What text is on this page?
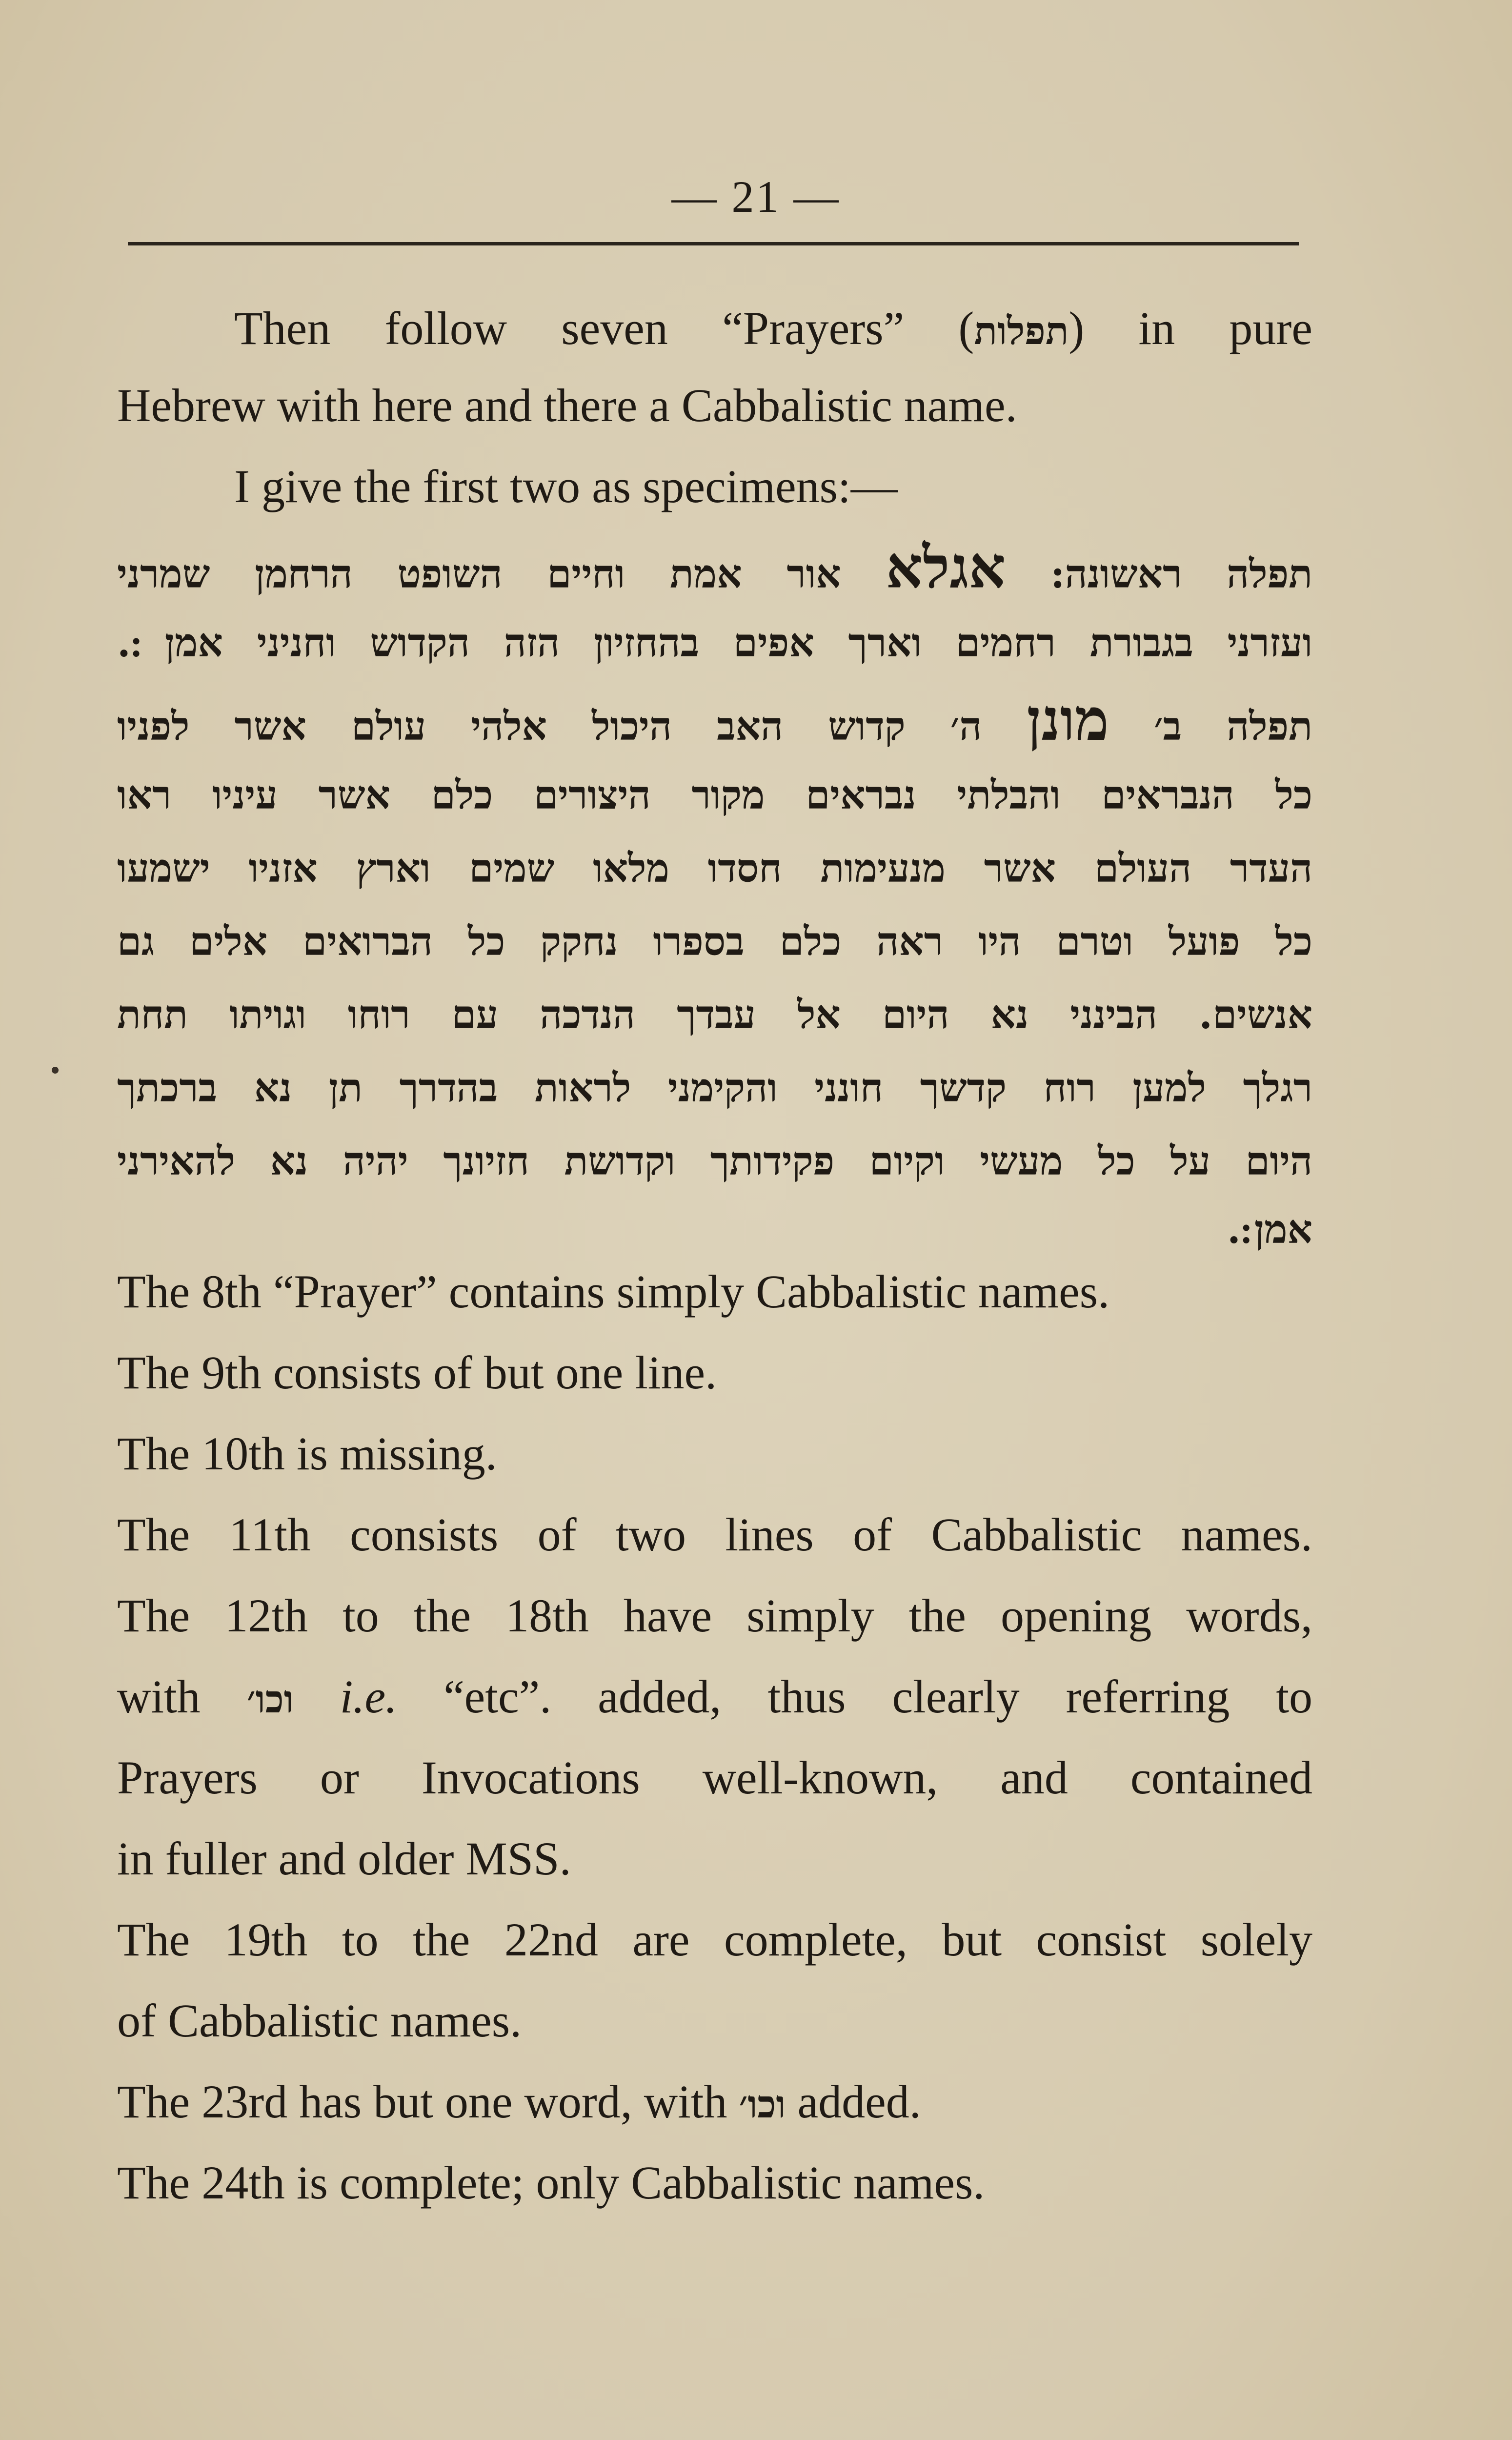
— 21 —
Then follow seven “Prayers” (תפלות) in pure
Hebrew with here and there a Cabbalistic name.
I give the first two as specimens:—
תפלה ראשונה: אגלא אור אמת וחיים השופט הרחמן שמרני
ועזרני בגבורת רחמים וארך אפים בהחזיון הזה הקדוש וחניני אמן ׃.
תפלה ב׳ מונן ה׳ קדוש האב היכול אלהי עולם אשר לפניו
כל הנבראים והבלתי נבראים מקור היצורים כלם אשר עיניו ראו
העדר העולם אשר מנעימות חסדו מלאו שמים וארץ אזניו ישמעו
כל פועל וטרם היו ראה כלם בספרו נחקק כל הברואים אלים גם
אנשים. הבינני נא היום אל עבדך הנדכה עם רוחו וגויתו תחת
רגלך למען רוח קדשך חונני והקימני לראות בהדרך תן נא ברכתך
היום על כל מעשי וקיום פקידותך וקדושת חזיונך יהיה נא להאירני
אמן ׃.
The 8th “Prayer” contains simply Cabbalistic names.
The 9th consists of but one line.
The 10th is missing.
The 11th consists of two lines of Cabbalistic names.
The 12th to the 18th have simply the opening words,
with וכו׳ i.e. “etc”. added, thus clearly referring to
Prayers or Invocations well-known, and contained
in fuller and older MSS.
The 19th to the 22nd are complete, but consist solely
of Cabbalistic names.
The 23rd has but one word, with וכו׳ added.
The 24th is complete; only Cabbalistic names.
